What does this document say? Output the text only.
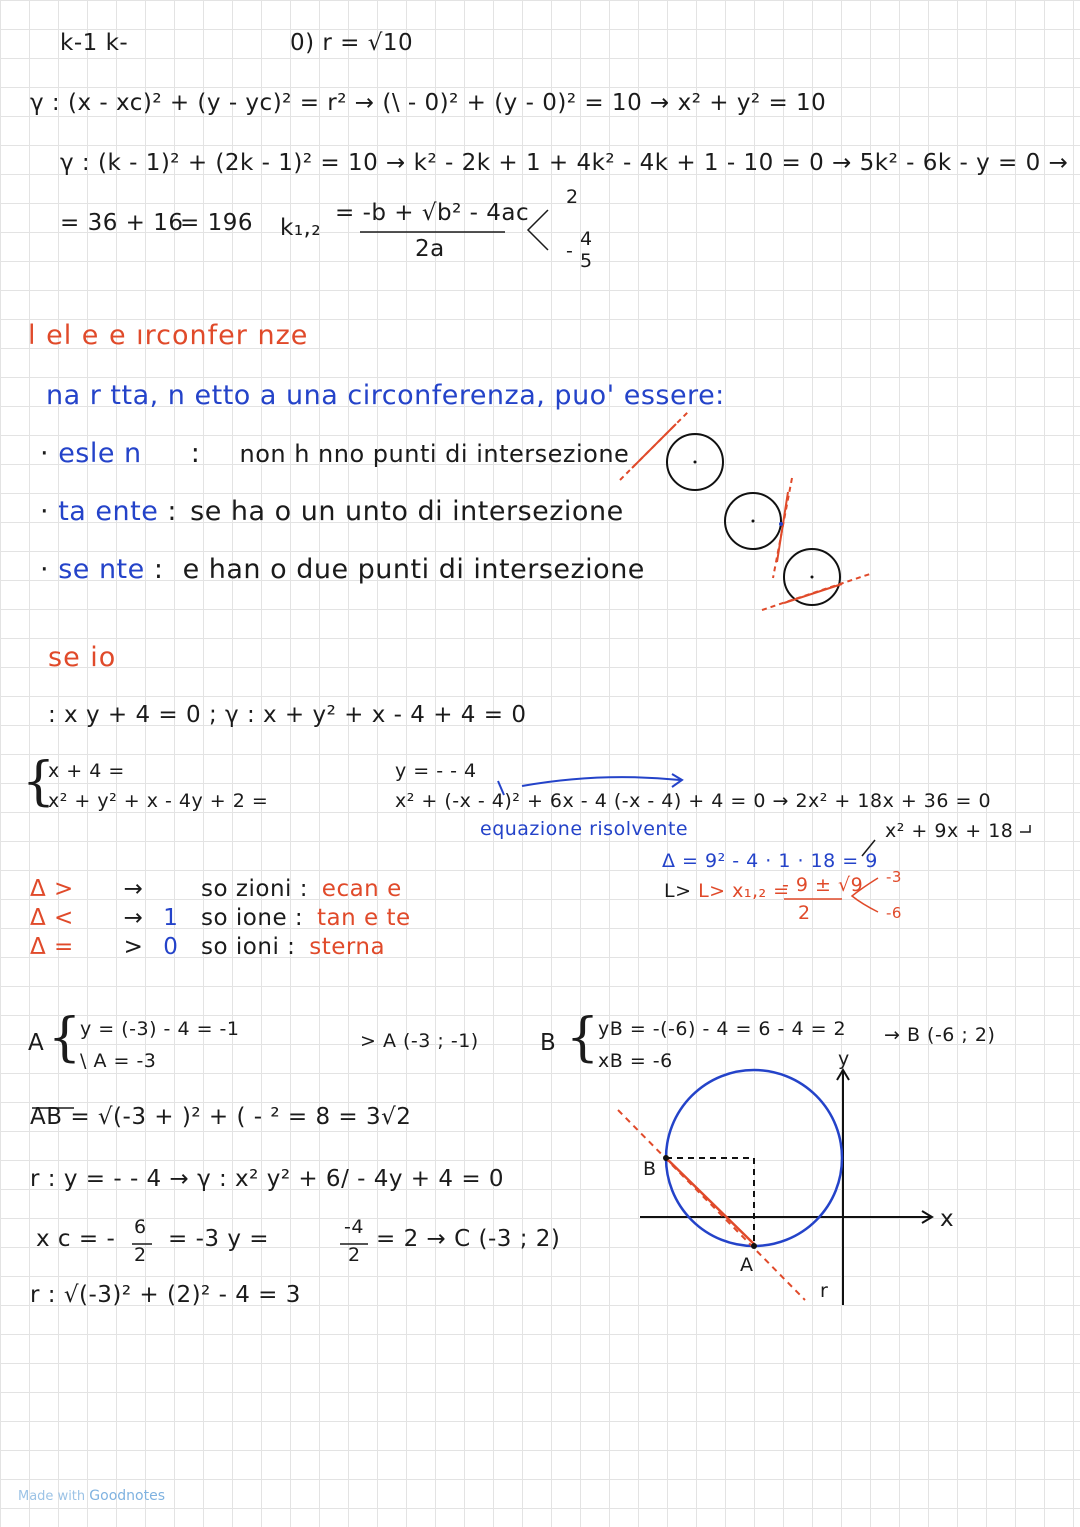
k-1 k-	0) r = √10
γ : (x - xc)² + (y - yc)² = r² → (\ - 0)² + (y - 0)² = 10 → x² + y² = 10
γ : (k - 1)² + (2k - 1)² = 10 → k² - 2k + 1 + 4k² - 4k + 1 - 10 = 0 → 5k² - 6k - y = 0 →
= 36 + 16
= 196 k₁,₂
= -b + √b² - 4ac
2a
2
-
4
5
l el e e ırconfer nze
na r tta, n etto a una circonferenza, puo' essere:
· esle n : non h nno punti di intersezione
· ta ente : se ha o un unto di intersezione
· se nte : e han o due punti di intersezione
se io
: x y + 4 = 0 ; γ : x + y² + x - 4 + 4 = 0
{
x + 4 =
x² + y² + x - 4y + 2 =
y = - - 4
x² + (-x - 4)² + 6x - 4 (-x - 4) + 4 = 0 → 2x² + 18x + 36 = 0
equazione risolvente	x² + 9x + 18
Δ = 9² - 4 · 1 · 18 = 9
L> L> x₁,₂ =
- 9 ± √9
2
-3
-6
Δ > →	so zioni : ecan e
Δ < → 1 so ione : tan e te
Δ = > 0 so ioni : sterna
A {
y = (-3) - 4 = -1
\ A = -3
> A (-3 ; -1)	B {
yB = -(-6) - 4 = 6 - 4 = 2
xB = -6
→ B (-6 ; 2)
AB = √(-3 + )² + ( - ² = 8 = 3√2
r : y = - - 4 → γ : x² y² + 6/ - 4y + 4 = 0
x c = - 6
2
= -3 y =	-4
2
= 2 → C (-3 ; 2)
r : √(-3)² + (2)² - 4 = 3
y
x
B
A
r
Made with Goodnotes
